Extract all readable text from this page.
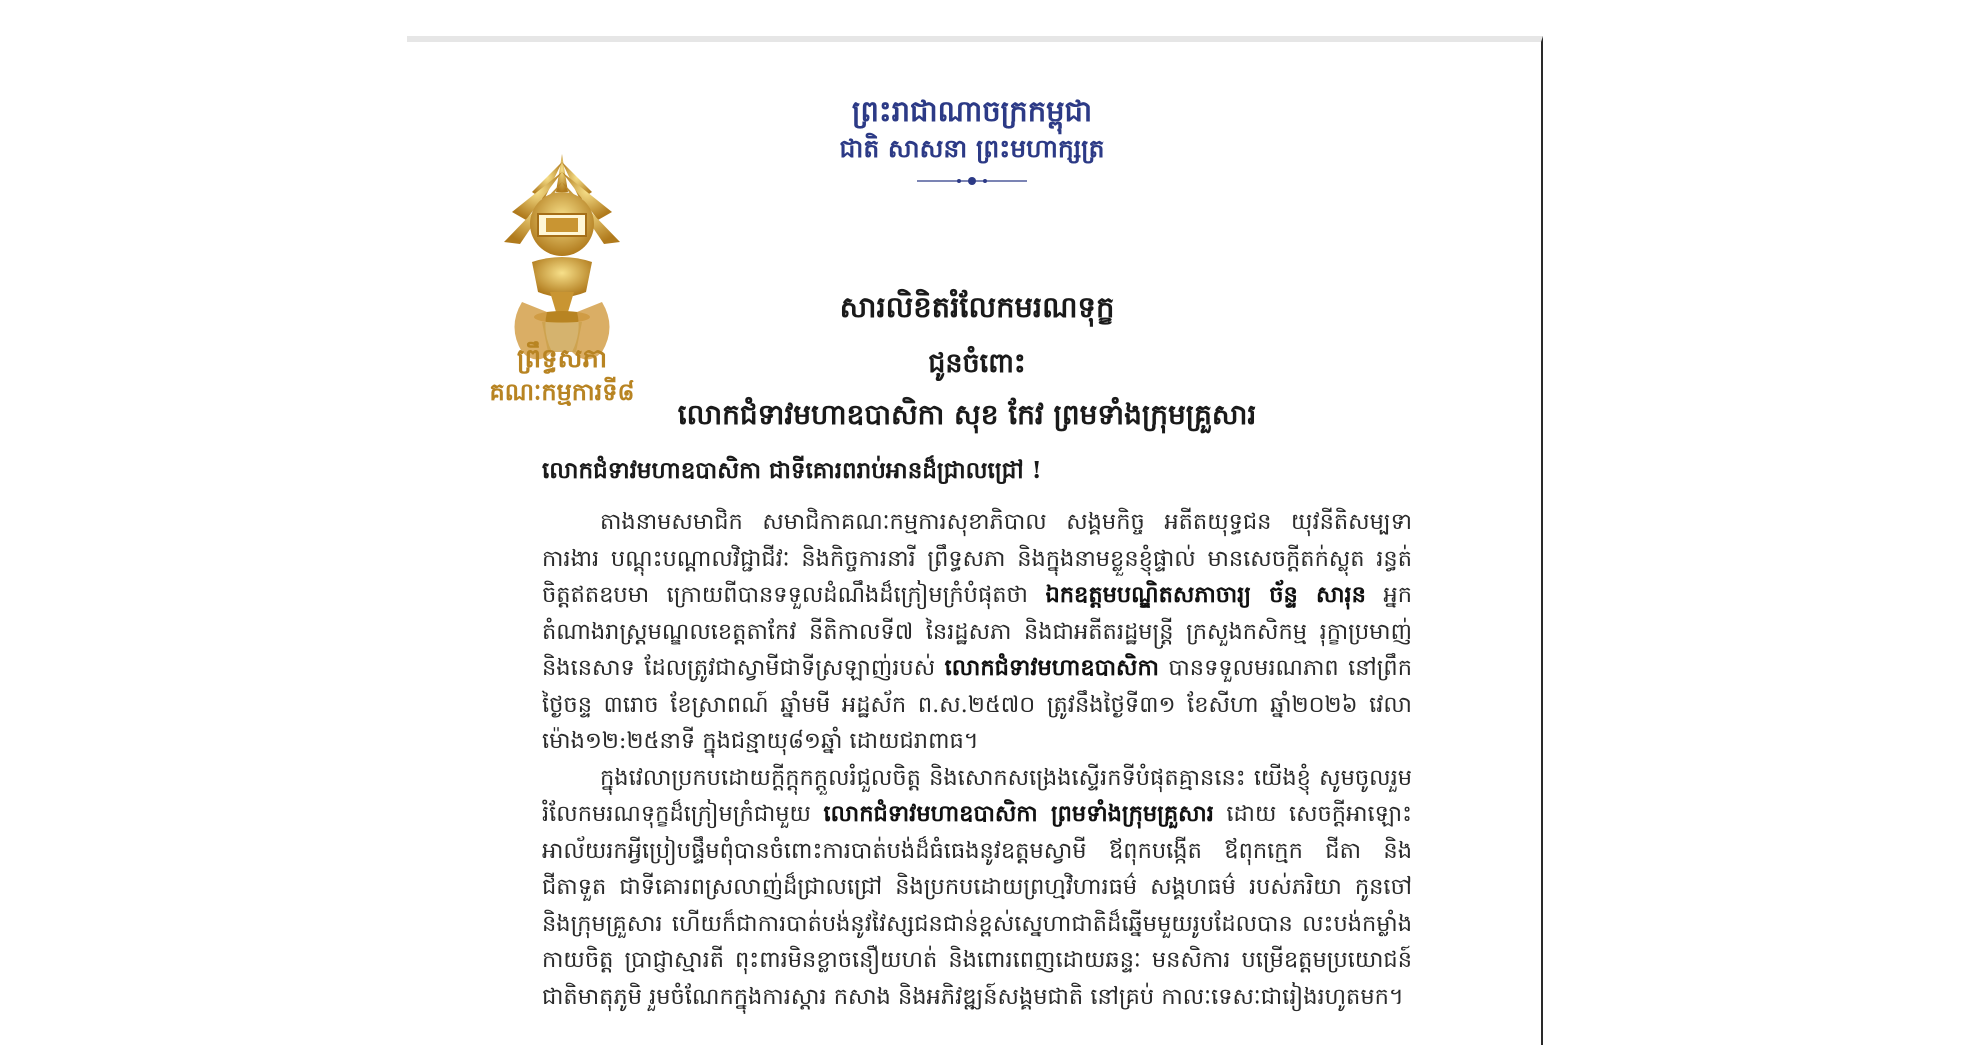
ព្រឹទ្ធសភា
គណៈកម្មការទី៨
ព្រះរាជាណាចក្រកម្ពុជា
ជាតិ សាសនា ព្រះមហាក្សត្រ
សារលិខិតរំលែកមរណទុក្ខ
ជូនចំពោះ
លោកជំទាវមហាឧបាសិកា សុខ កែវ ព្រមទាំងក្រុមគ្រួសារ
លោកជំទាវមហាឧបាសិកា ជាទីគោរពរាប់អានដ៏ជ្រាលជ្រៅ !

តាងនាមសមាជិក សមាជិកាគណៈកម្មការសុខាភិបាល សង្គមកិច្ច អតីតយុទ្ធជន យុវនីតិសម្បទា ការងារ បណ្តុះបណ្តាលវិជ្ជាជីវៈ និងកិច្ចការនារី ព្រឹទ្ធសភា និងក្នុងនាមខ្លួនខ្ញុំផ្ទាល់ មានសេចក្តីតក់ស្លុត រន្ធត់ចិត្តឥតឧបមា ក្រោយពីបានទទួលដំណឹងដ៏ក្រៀមក្រំបំផុតថា ឯកឧត្តមបណ្ឌិតសភាចារ្យ ច័ន្ទ សារុន អ្នកតំណាងរាស្ត្រមណ្ឌលខេត្តតាកែវ នីតិកាលទី៧ នៃរដ្ឋសភា និងជាអតីតរដ្ឋមន្ត្រី ក្រសួងកសិកម្ម រុក្ខាប្រមាញ់ និងនេសាទ ដែលត្រូវជាស្វាមីជាទីស្រឡាញ់របស់ លោកជំទាវមហាឧបាសិកា បានទទួលមរណភាព នៅព្រឹកថ្ងៃចន្ទ ៣រោច ខែស្រាពណ៍ ឆ្នាំមមី អដ្ឋស័ក ព.ស.២៥៧០ ត្រូវនឹងថ្ងៃទី៣១ ខែសីហា ឆ្នាំ២០២៦ វេលាម៉ោង១២:២៥នាទី ក្នុងជន្មាយុ៨១ឆ្នាំ ដោយជរាពាធ។

ក្នុងវេលាប្រកបដោយក្តីក្តុកក្តួលរំជួលចិត្ត និងសោកសង្រេងស្ទើរកទីបំផុតគ្មាននេះ យើងខ្ញុំ សូមចូលរួមរំលែកមរណទុក្ខដ៏ក្រៀមក្រំជាមួយ លោកជំទាវមហាឧបាសិកា ព្រមទាំងក្រុមគ្រួសារ ដោយ សេចក្តីអាឡោះអាល័យរកអ្វីប្រៀបផ្ទឹមពុំបានចំពោះការបាត់បង់ដ៏ធំធេងនូវឧត្តមស្វាមី ឪពុកបង្កើត ឪពុកក្មេក ជីតា និងជីតាទួត ជាទីគោរពស្រលាញ់ដ៏ជ្រាលជ្រៅ និងប្រកបដោយព្រហ្មវិហារធម៌ សង្គហធម៌ របស់ភរិយា កូនចៅ និងក្រុមគ្រួសារ ហើយក៏ជាការបាត់បង់នូវវៃស្សជនជាន់ខ្ពស់ស្នេហាជាតិដ៏ឆ្នើមមួយរូបដែលបាន លះបង់កម្លាំងកាយចិត្ត ប្រាជ្ញាស្មារតី ពុះពារមិនខ្លាចនឿយហត់ និងពោរពេញដោយឆន្ទៈ មនសិការ បម្រើឧត្តមប្រយោជន៍ជាតិមាតុភូមិ រួមចំណែកក្នុងការស្តារ កសាង និងអភិវឌ្ឍន៍សង្គមជាតិ នៅគ្រប់ កាលៈទេសៈជារៀងរហូតមក។
